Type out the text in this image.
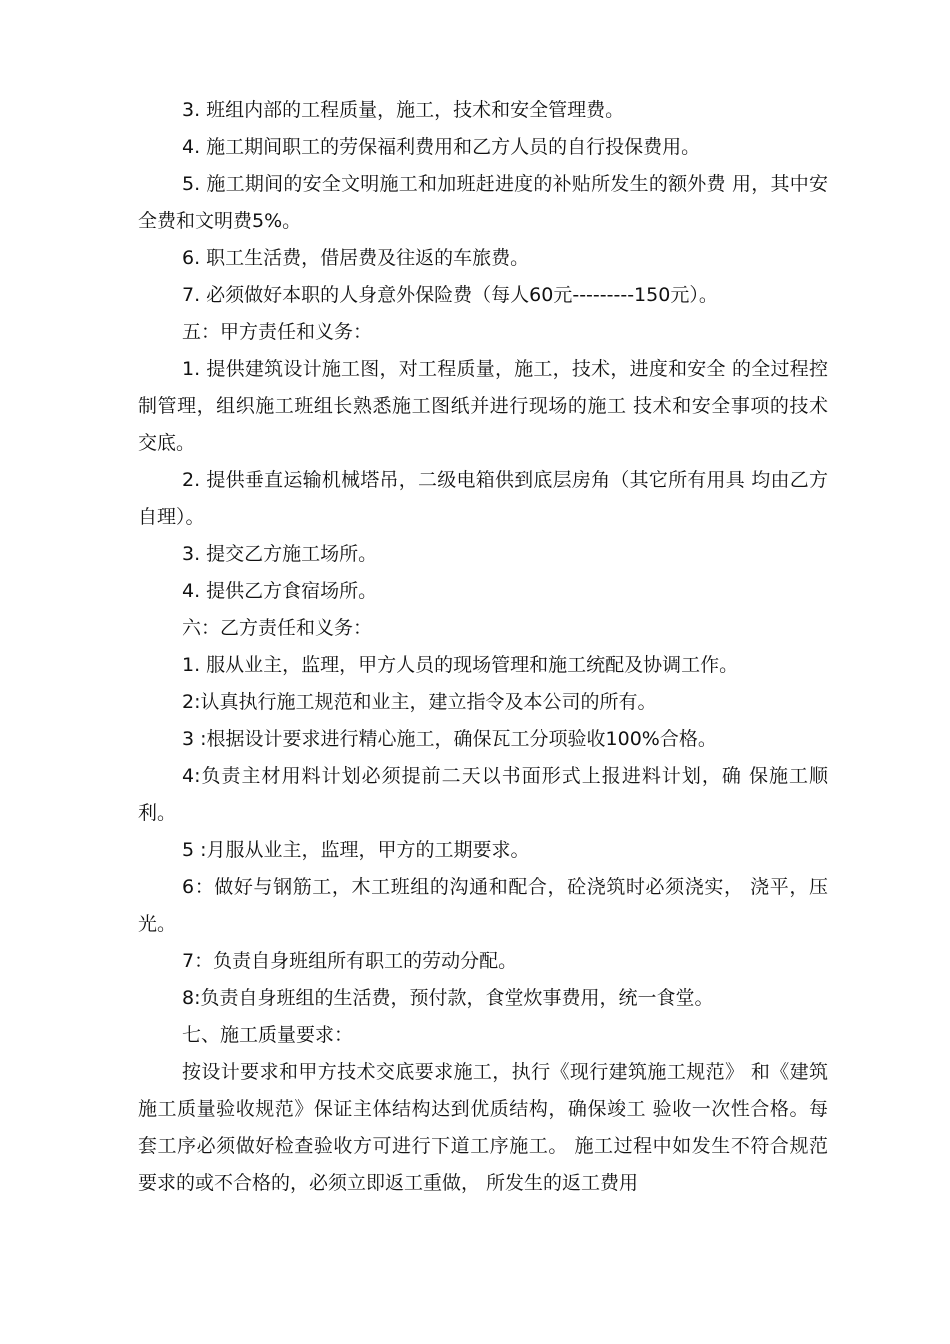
3. 班组内部的工程质量，施工，技术和安全管理费。

4. 施工期间职工的劳保福利费用和乙方人员的自行投保费用。

5. 施工期间的安全文明施工和加班赶进度的补贴所发生的额外费 用，其中安全费和文明费5%。

6. 职工生活费，借居费及往返的车旅费。

7. 必须做好本职的人身意外保险费（每人60元---------150元）。

五：甲方责任和义务：

1. 提供建筑设计施工图，对工程质量，施工，技术，进度和安全 的全过程控制管理，组织施工班组长熟悉施工图纸并进行现场的施工 技术和安全事项的技术交底。

2. 提供垂直运输机械塔吊，二级电箱供到底层房角（其它所有用具 均由乙方自理）。

3. 提交乙方施工场所。

4. 提供乙方食宿场所。

六：乙方责任和义务：

1. 服从业主，监理，甲方人员的现场管理和施工统配及协调工作。

2:认真执行施工规范和业主，建立指令及本公司的所有。

3 :根据设计要求进行精心施工，确保瓦工分项验收100%合格。

4:负责主材用料计划必须提前二天以书面形式上报进料计划，确 保施工顺利。

5 :月服从业主，监理，甲方的工期要求。

6：做好与钢筋工，木工班组的沟通和配合，砼浇筑时必须浇实， 浇平，压光。

7：负责自身班组所有职工的劳动分配。

8:负责自身班组的生活费，预付款，食堂炊事费用，统一食堂。

七、施工质量要求：

按设计要求和甲方技术交底要求施工，执行《现行建筑施工规范》 和《建筑施工质量验收规范》保证主体结构达到优质结构，确保竣工 验收一次性合格。每套工序必须做好检查验收方可进行下道工序施工。 施工过程中如发生不符合规范要求的或不合格的，必须立即返工重做， 所发生的返工费用
